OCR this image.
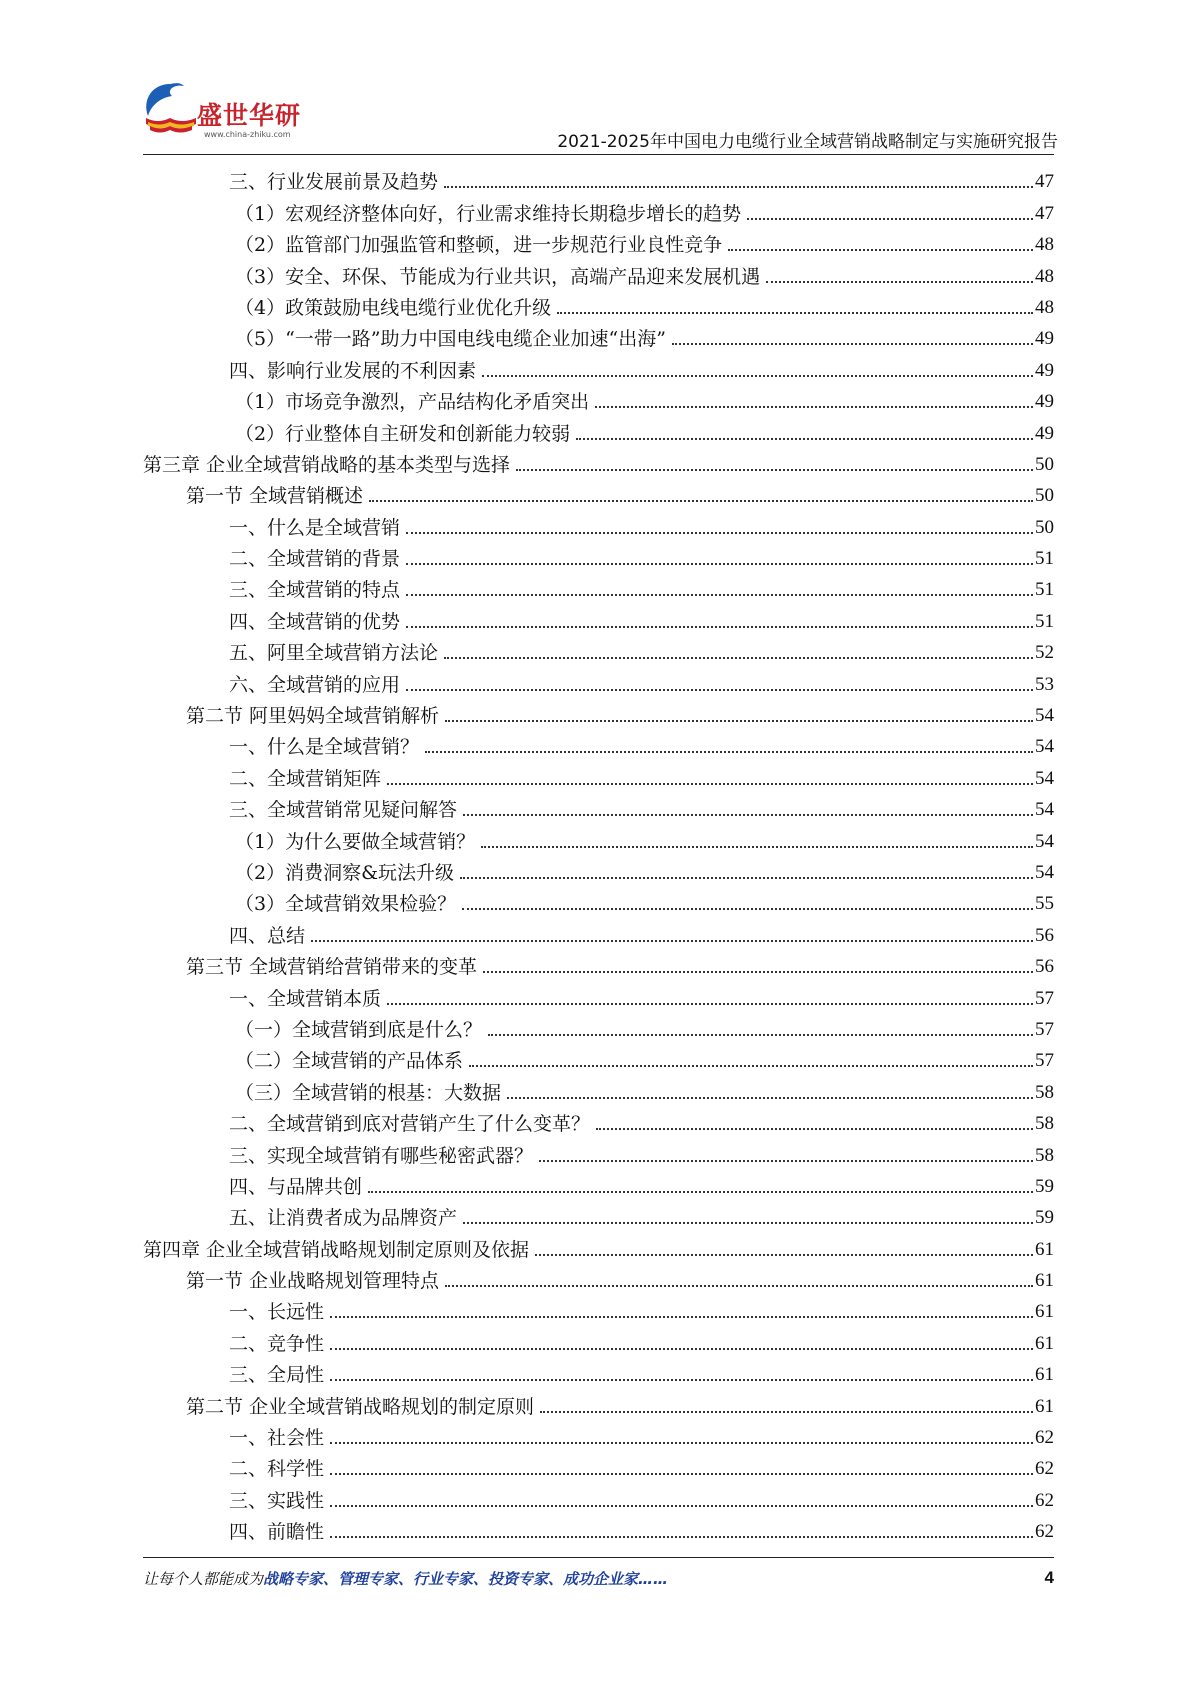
盛世华研
www.china-zhiku.com	2021-2025年中国电力电缆行业全域营销战略制定与实施研究报告
三、行业发展前景及趋势	47
（1）宏观经济整体向好，行业需求维持长期稳步增长的趋势	47
（2）监管部门加强监管和整顿，进一步规范行业良性竞争	48
（3）安全、环保、节能成为行业共识，高端产品迎来发展机遇	48
（4）政策鼓励电线电缆行业优化升级	48
（5）“一带一路”助力中国电线电缆企业加速“出海”	49
四、影响行业发展的不利因素	49
（1）市场竞争激烈，产品结构化矛盾突出	49
（2）行业整体自主研发和创新能力较弱	49
第三章 企业全域营销战略的基本类型与选择	50
第一节 全域营销概述	50
一、什么是全域营销	50
二、全域营销的背景	51
三、全域营销的特点	51
四、全域营销的优势	51
五、阿里全域营销方法论	52
六、全域营销的应用	53
第二节 阿里妈妈全域营销解析	54
一、什么是全域营销？	54
二、全域营销矩阵	54
三、全域营销常见疑问解答	54
（1）为什么要做全域营销？	54
（2）消费洞察&玩法升级	54
（3）全域营销效果检验？	55
四、总结	56
第三节 全域营销给营销带来的变革	56
一、全域营销本质	57
（一）全域营销到底是什么？	57
（二）全域营销的产品体系	57
（三）全域营销的根基：大数据	58
二、全域营销到底对营销产生了什么变革？	58
三、实现全域营销有哪些秘密武器？	58
四、与品牌共创	59
五、让消费者成为品牌资产	59
第四章 企业全域营销战略规划制定原则及依据	61
第一节 企业战略规划管理特点	61
一、长远性	61
二、竞争性	61
三、全局性	61
第二节 企业全域营销战略规划的制定原则	61
一、社会性	62
二、科学性	62
三、实践性	62
四、前瞻性	62
让每个人都能成为战略专家、管理专家、行业专家、投资专家、成功企业家……	4
